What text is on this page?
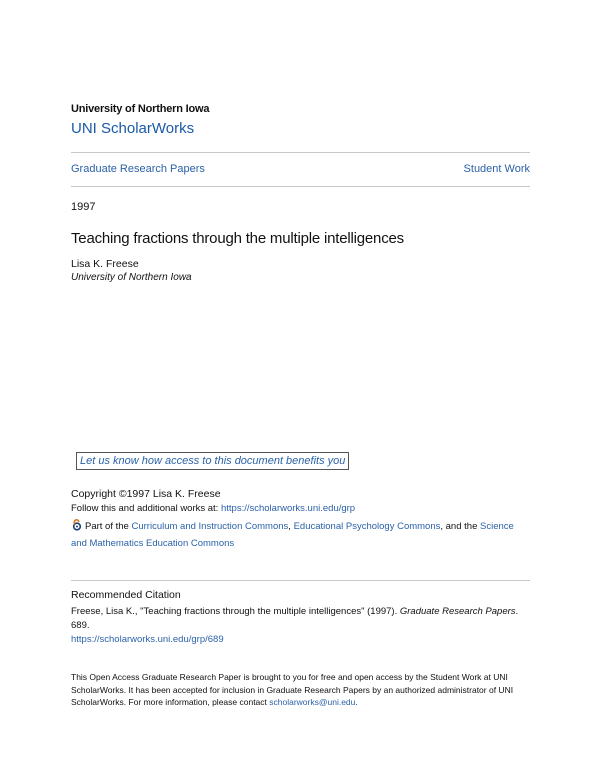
University of Northern Iowa
UNI ScholarWorks
Graduate Research Papers	Student Work
1997
Teaching fractions through the multiple intelligences
Lisa K. Freese
University of Northern Iowa
Let us know how access to this document benefits you
Copyright ©1997 Lisa K. Freese
Follow this and additional works at: https://scholarworks.uni.edu/grp
Part of the Curriculum and Instruction Commons, Educational Psychology Commons, and the Science and Mathematics Education Commons
Recommended Citation
Freese, Lisa K., "Teaching fractions through the multiple intelligences" (1997). Graduate Research Papers. 689.
https://scholarworks.uni.edu/grp/689
This Open Access Graduate Research Paper is brought to you for free and open access by the Student Work at UNI ScholarWorks. It has been accepted for inclusion in Graduate Research Papers by an authorized administrator of UNI ScholarWorks. For more information, please contact scholarworks@uni.edu.
